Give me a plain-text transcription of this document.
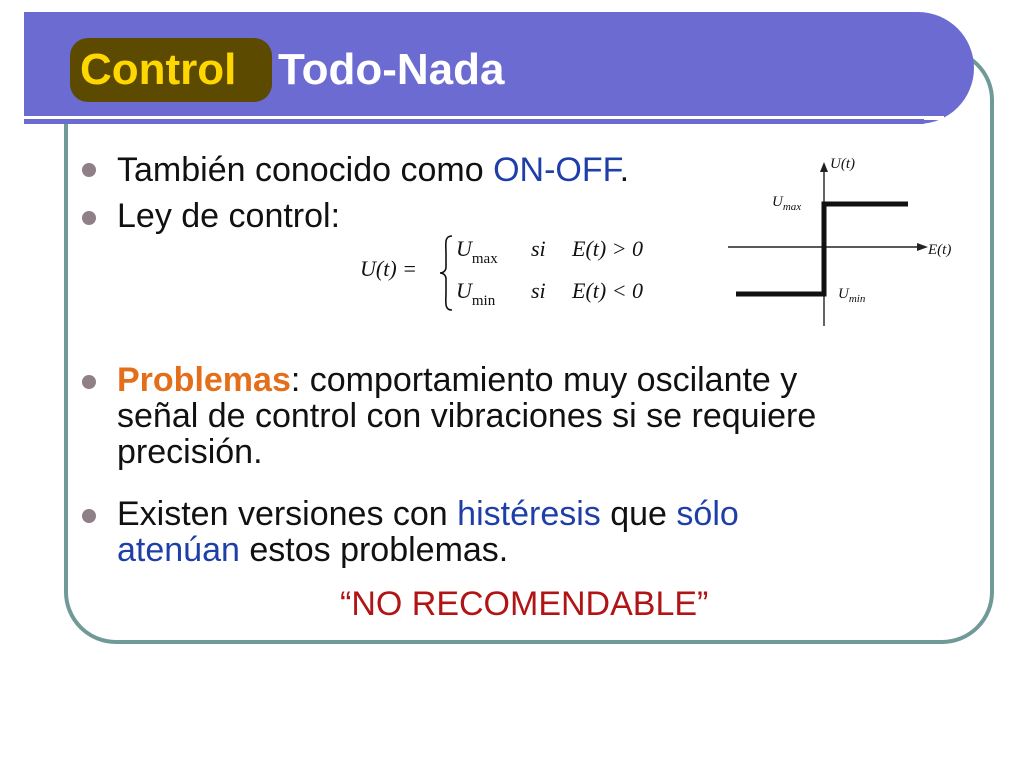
Control Todo-Nada
También conocido como ON-OFF.
Ley de control:
U(t) =
$U_{max}$ si E(t) > 0
$U_{min}$ si E(t) < 0
U(t)
E(t)
$U_{max}$
$U_{min}$
Problemas: comportamiento muy oscilante y
señal de control con vibraciones si se requiere
precisión.
Existen versiones con histéresis que sólo
atenúan estos problemas.
“NO RECOMENDABLE”
